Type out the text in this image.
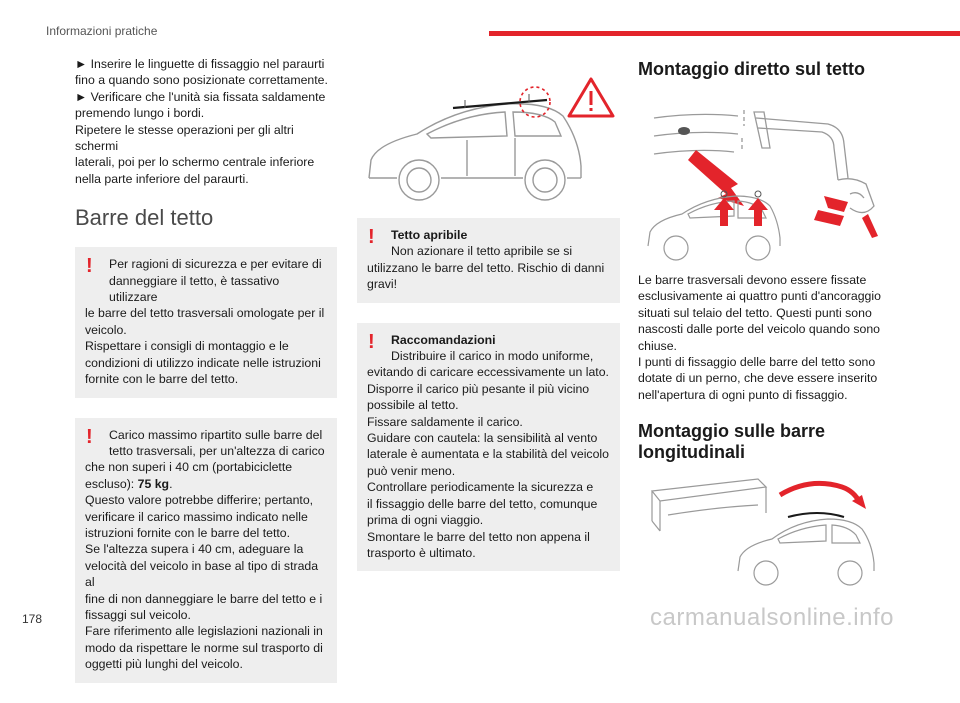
Informazioni pratiche

► Inserire le linguette di fissaggio nel paraurti

fino a quando sono posizionate correttamente.

► Verificare che l'unità sia fissata saldamente

premendo lungo i bordi.

Ripetere le stesse operazioni per gli altri schermi

laterali, poi per lo schermo centrale inferiore

nella parte inferiore del paraurti.

Barre del tetto
!	Per ragioni di sicurezza e per evitare di

danneggiare il tetto, è tassativo utilizzare

le barre del tetto trasversali omologate per il

veicolo.

Rispettare i consigli di montaggio e le

condizioni di utilizzo indicate nelle istruzioni

fornite con le barre del tetto.

!	Carico massimo ripartito sulle barre del

tetto trasversali, per un'altezza di carico

che non superi i 40 cm (portabiciclette

escluso): 75 kg.

Questo valore potrebbe differire; pertanto,

verificare il carico massimo indicato nelle

istruzioni fornite con le barre del tetto.

Se l'altezza supera i 40 cm, adeguare la

velocità del veicolo in base al tipo di strada al

fine di non danneggiare le barre del tetto e i

fissaggi sul veicolo.

Fare riferimento alle legislazioni nazionali in

modo da rispettare le norme sul trasporto di

oggetti più lunghi del veicolo.

!	Tetto apribile

Non azionare il tetto apribile se si

utilizzano le barre del tetto. Rischio di danni

gravi!

!	Raccomandazioni

Distribuire il carico in modo uniforme,

evitando di caricare eccessivamente un lato.

Disporre il carico più pesante il più vicino

possibile al tetto.

Fissare saldamente il carico.

Guidare con cautela: la sensibilità al vento

laterale è aumentata e la stabilità del veicolo

può venir meno.

Controllare periodicamente la sicurezza e

il fissaggio delle barre del tetto, comunque

prima di ogni viaggio.

Smontare le barre del tetto non appena il

trasporto è ultimato.

Montaggio diretto sul tetto

Le barre trasversali devono essere fissate

esclusivamente ai quattro punti d'ancoraggio

situati sul telaio del tetto. Questi punti sono

nascosti dalle porte del veicolo quando sono

chiuse.

I punti di fissaggio delle barre del tetto sono

dotate di un perno, che deve essere inserito

nell'apertura di ogni punto di fissaggio.

Montaggio sulle barre
longitudinali
178	carmanualsonline.info
